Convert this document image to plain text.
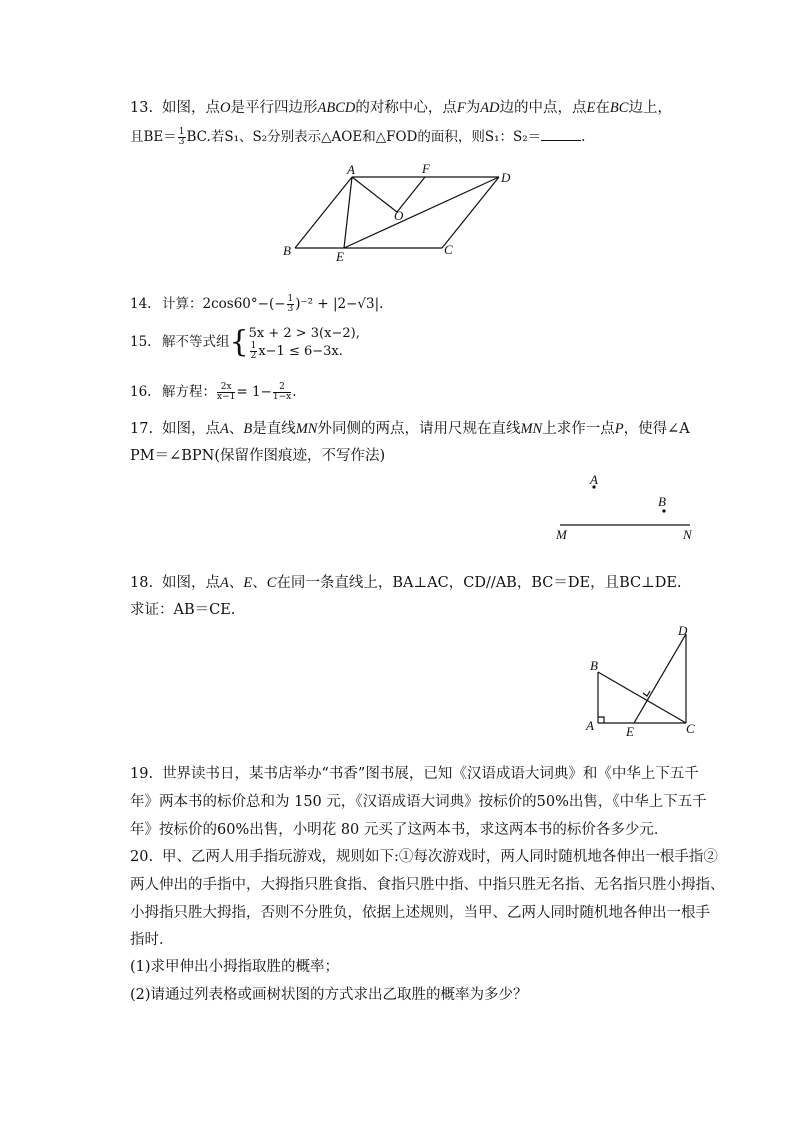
13. 如图，点O是平行四边形ABCD的对称中心，点F为AD边的中点，点E在BC边上，
且$BE= \frac{1}{3}$ BC.若S₁、S₂分别表示△AOE和△FOD的面积，则S₁：S₂＝	.
A	F
D
O
B	E	C
14. 计算：$2\cos 60^\circ-(- \frac{1}{3} )^{-2} + |2-√3|$.
15. 解不等式组{ 5x + 2 > 3(x−2),
$\frac{1}{2} x-1 \le 6-3x$.
16. 解方程： $\frac{2x}{x-1} = 1- \frac{2}{1-x}$ .
17. 如图，点A、B是直线MN外同侧的两点，请用尺规在直线MN上求作一点P，使得∠A
PM＝∠BPN(保留作图痕迹，不写作法)
A
B
M	N
18. 如图，点A、E、C在同一条直线上，BA⊥AC，CD//AB，BC＝DE，且BC⊥DE.
求证：AB＝CE.
D
B
A E	C
19. 世界读书日，某书店举办“书香”图书展，已知《汉语成语大词典》和《中华上下五千
年》两本书的标价总和为 150 元，《汉语成语大词典》按标价的50%出售，《中华上下五千
年》按标价的60%出售，小明花 80 元买了这两本书，求这两本书的标价各多少元．
20. 甲、乙两人用手指玩游戏，规则如下:①每次游戏时，两人同时随机地各伸出一根手指②
两人伸出的手指中，大拇指只胜食指、食指只胜中指、中指只胜无名指、无名指只胜小拇指、
小拇指只胜大拇指，否则不分胜负，依据上述规则，当甲、乙两人同时随机地各伸出一根手
指时．
(1)求甲伸出小拇指取胜的概率；
(2)请通过列表格或画树状图的方式求出乙取胜的概率为多少？
